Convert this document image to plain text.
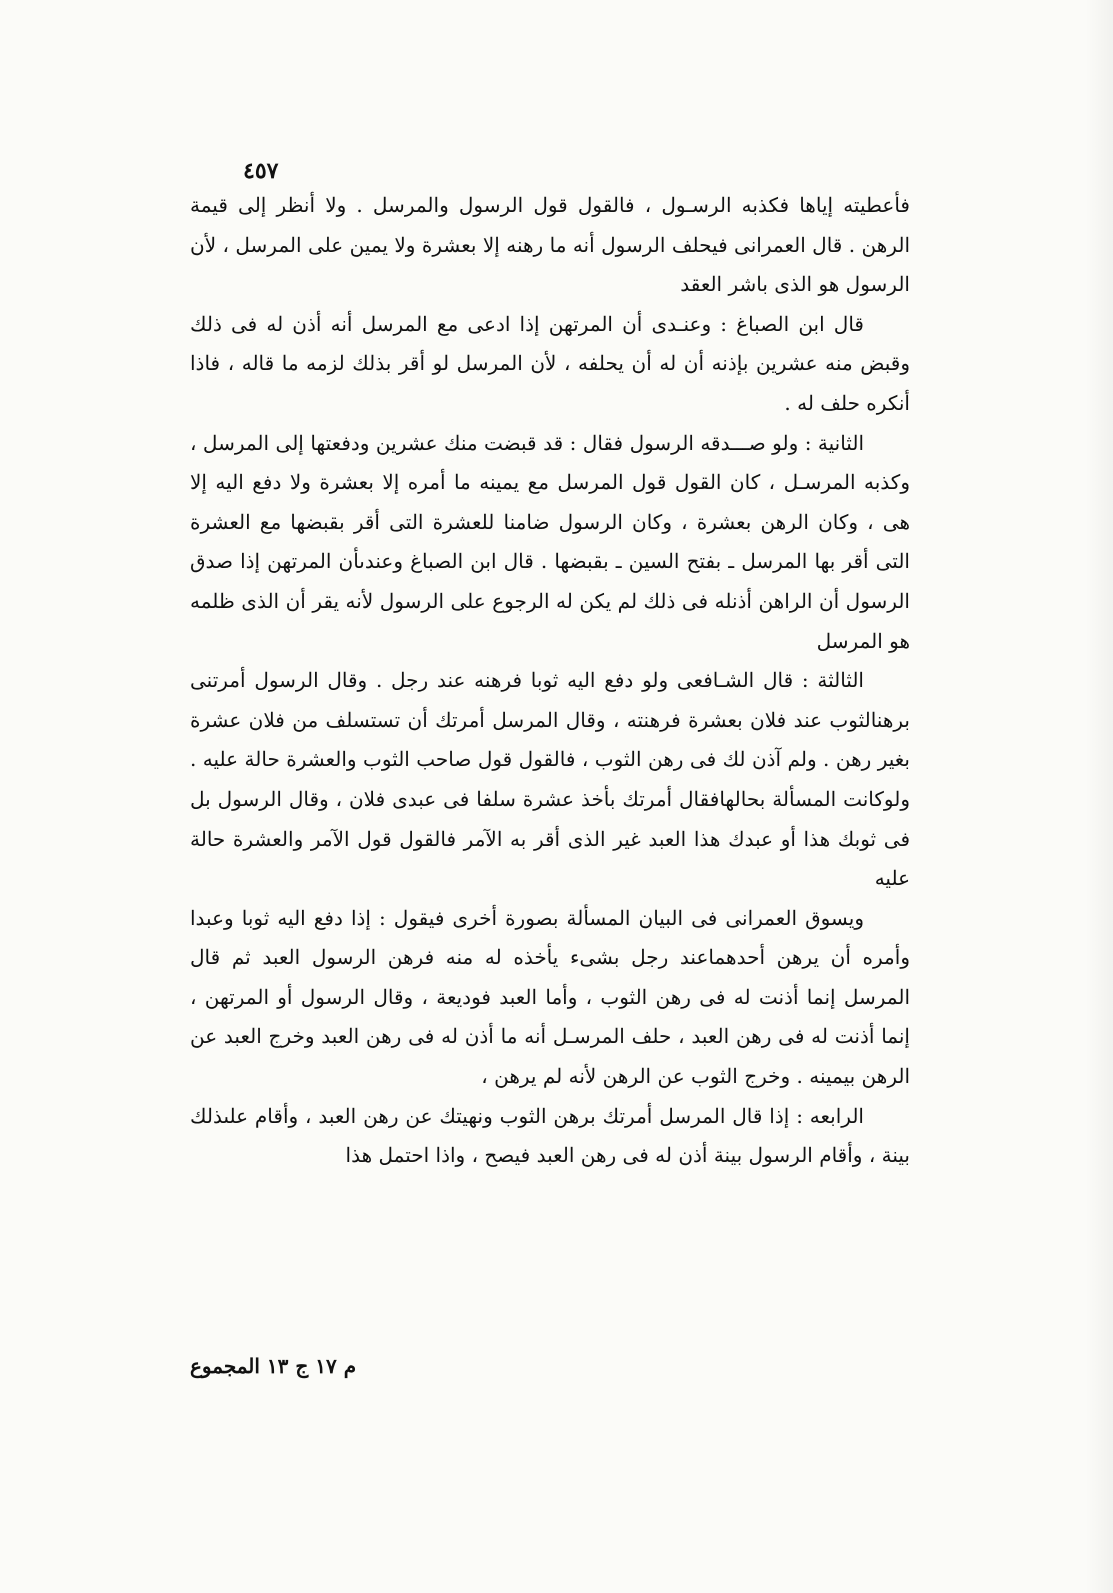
٤٥٧

فأعطيته إياها فكذبه الرسـول ، فالقول قول الرسول والمرسل . ولا أنظر إلى قيمة الرهن . قال العمرانى فيحلف الرسول أنه ما رهنه إلا بعشرة ولا يمين على المرسل ، لأن الرسول هو الذى باشر العقد

قال ابن الصباغ : وعنـدى أن المرتهن إذا ادعى مع المرسل أنه أذن له فى ذلك وقبض منه عشرين بإذنه أن له أن يحلفه ، لأن المرسل لو أقر بذلك لزمه ما قاله ، فاذا أنكره حلف له .

الثانية : ولو صـــدقه الرسول فقال : قد قبضت منك عشرين ودفعتها إلى المرسل ، وكذبه المرسـل ، كان القول قول المرسل مع يمينه ما أمره إلا بعشرة ولا دفع اليه إلا هى ، وكان الرهن بعشرة ، وكان الرسول ضامنا للعشرة التى أقر بقبضها مع العشرة التى أقر بها المرسل ـ بفتح السين ـ بقبضها . قال ابن الصباغ وعندىأن المرتهن إذا صدق الرسول أن الراهن أذنله فى ذلك لم يكن له الرجوع على الرسول لأنه يقر أن الذى ظلمه هو المرسل

الثالثة : قال الشـافعى ولو دفع اليه ثوبا فرهنه عند رجل . وقال الرسول أمرتنى برهنالثوب عند فلان بعشرة فرهنته ، وقال المرسل أمرتك أن تستسلف من فلان عشرة بغير رهن . ولم آذن لك فى رهن الثوب ، فالقول قول صاحب الثوب والعشرة حالة عليه . ولوكانت المسألة بحالهافقال أمرتك بأخذ عشرة سلفا فى عبدى فلان ، وقال الرسول بل فى ثوبك هذا أو عبدك هذا العبد غير الذى أقر به الآمر فالقول قول الآمر والعشرة حالة عليه

ويسوق العمرانى فى البيان المسألة بصورة أخرى فيقول : إذا دفع اليه ثوبا وعبدا وأمره أن يرهن أحدهماعند رجل بشىء يأخذه له منه فرهن الرسول العبد ثم قال المرسل إنما أذنت له فى رهن الثوب ، وأما العبد فوديعة ، وقال الرسول أو المرتهن ، إنما أذنت له فى رهن العبد ، حلف المرسـل أنه ما أذن له فى رهن العبد وخرج العبد عن الرهن بيمينه . وخرج الثوب عن الرهن لأنه لم يرهن ،

الرابعه : إذا قال المرسل أمرتك برهن الثوب ونهيتك عن رهن العبد ، وأقام علىذلك بينة ، وأقام الرسول بينة أذن له فى رهن العبد فيصح ، واذا احتمل هذا

م ١٧ ج ١٣ المجموع
